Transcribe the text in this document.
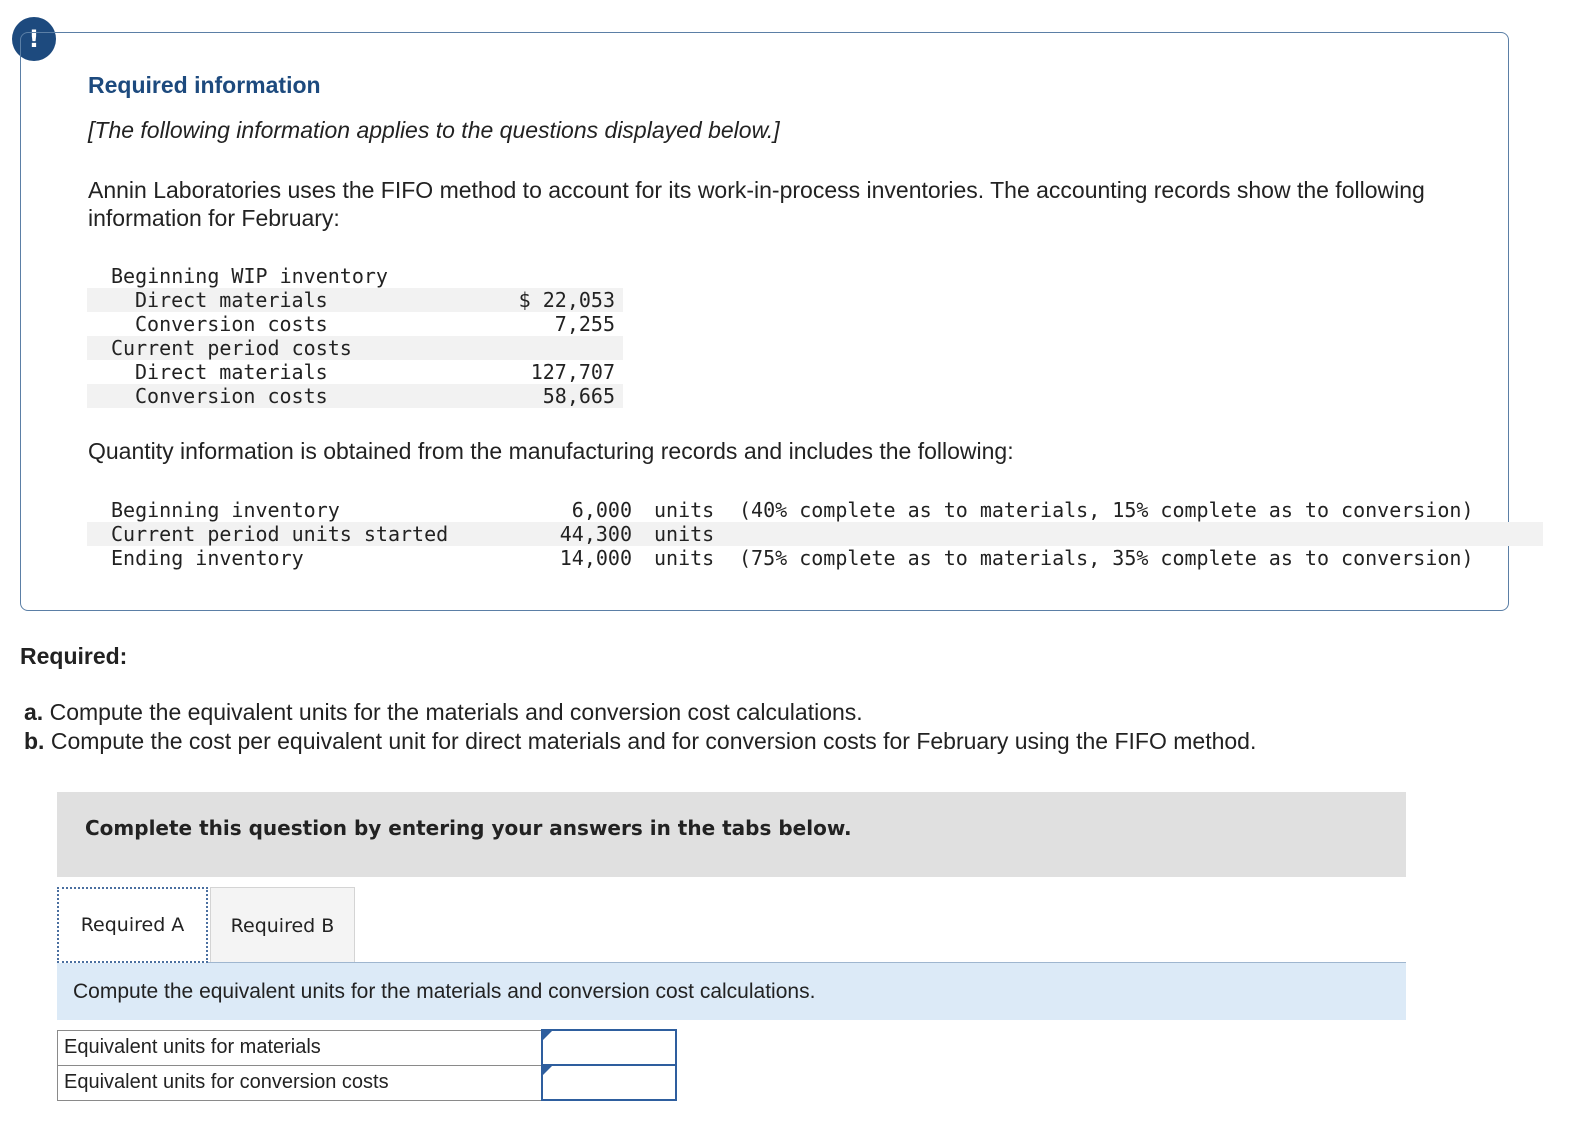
!
Required information
[The following information applies to the questions displayed below.]
Annin Laboratories uses the FIFO method to account for its work-in-process inventories. The accounting records show the following information for February:
Beginning WIP inventory
Direct materials	$ 22,053
Conversion costs	7,255
Current period costs
Direct materials	127,707
Conversion costs	58,665
Quantity information is obtained from the manufacturing records and includes the following:
Beginning inventory	6,000 units (40% complete as to materials, 15% complete as to conversion)
Current period units started	44,300 units
Ending inventory	14,000 units (75% complete as to materials, 35% complete as to conversion)
Required:
a. Compute the equivalent units for the materials and conversion cost calculations.
b. Compute the cost per equivalent unit for direct materials and for conversion costs for February using the FIFO method.
Complete this question by entering your answers in the tabs below.
Required A Required B
Compute the equivalent units for the materials and conversion cost calculations.
Equivalent units for materials	

Equivalent units for conversion costs	
